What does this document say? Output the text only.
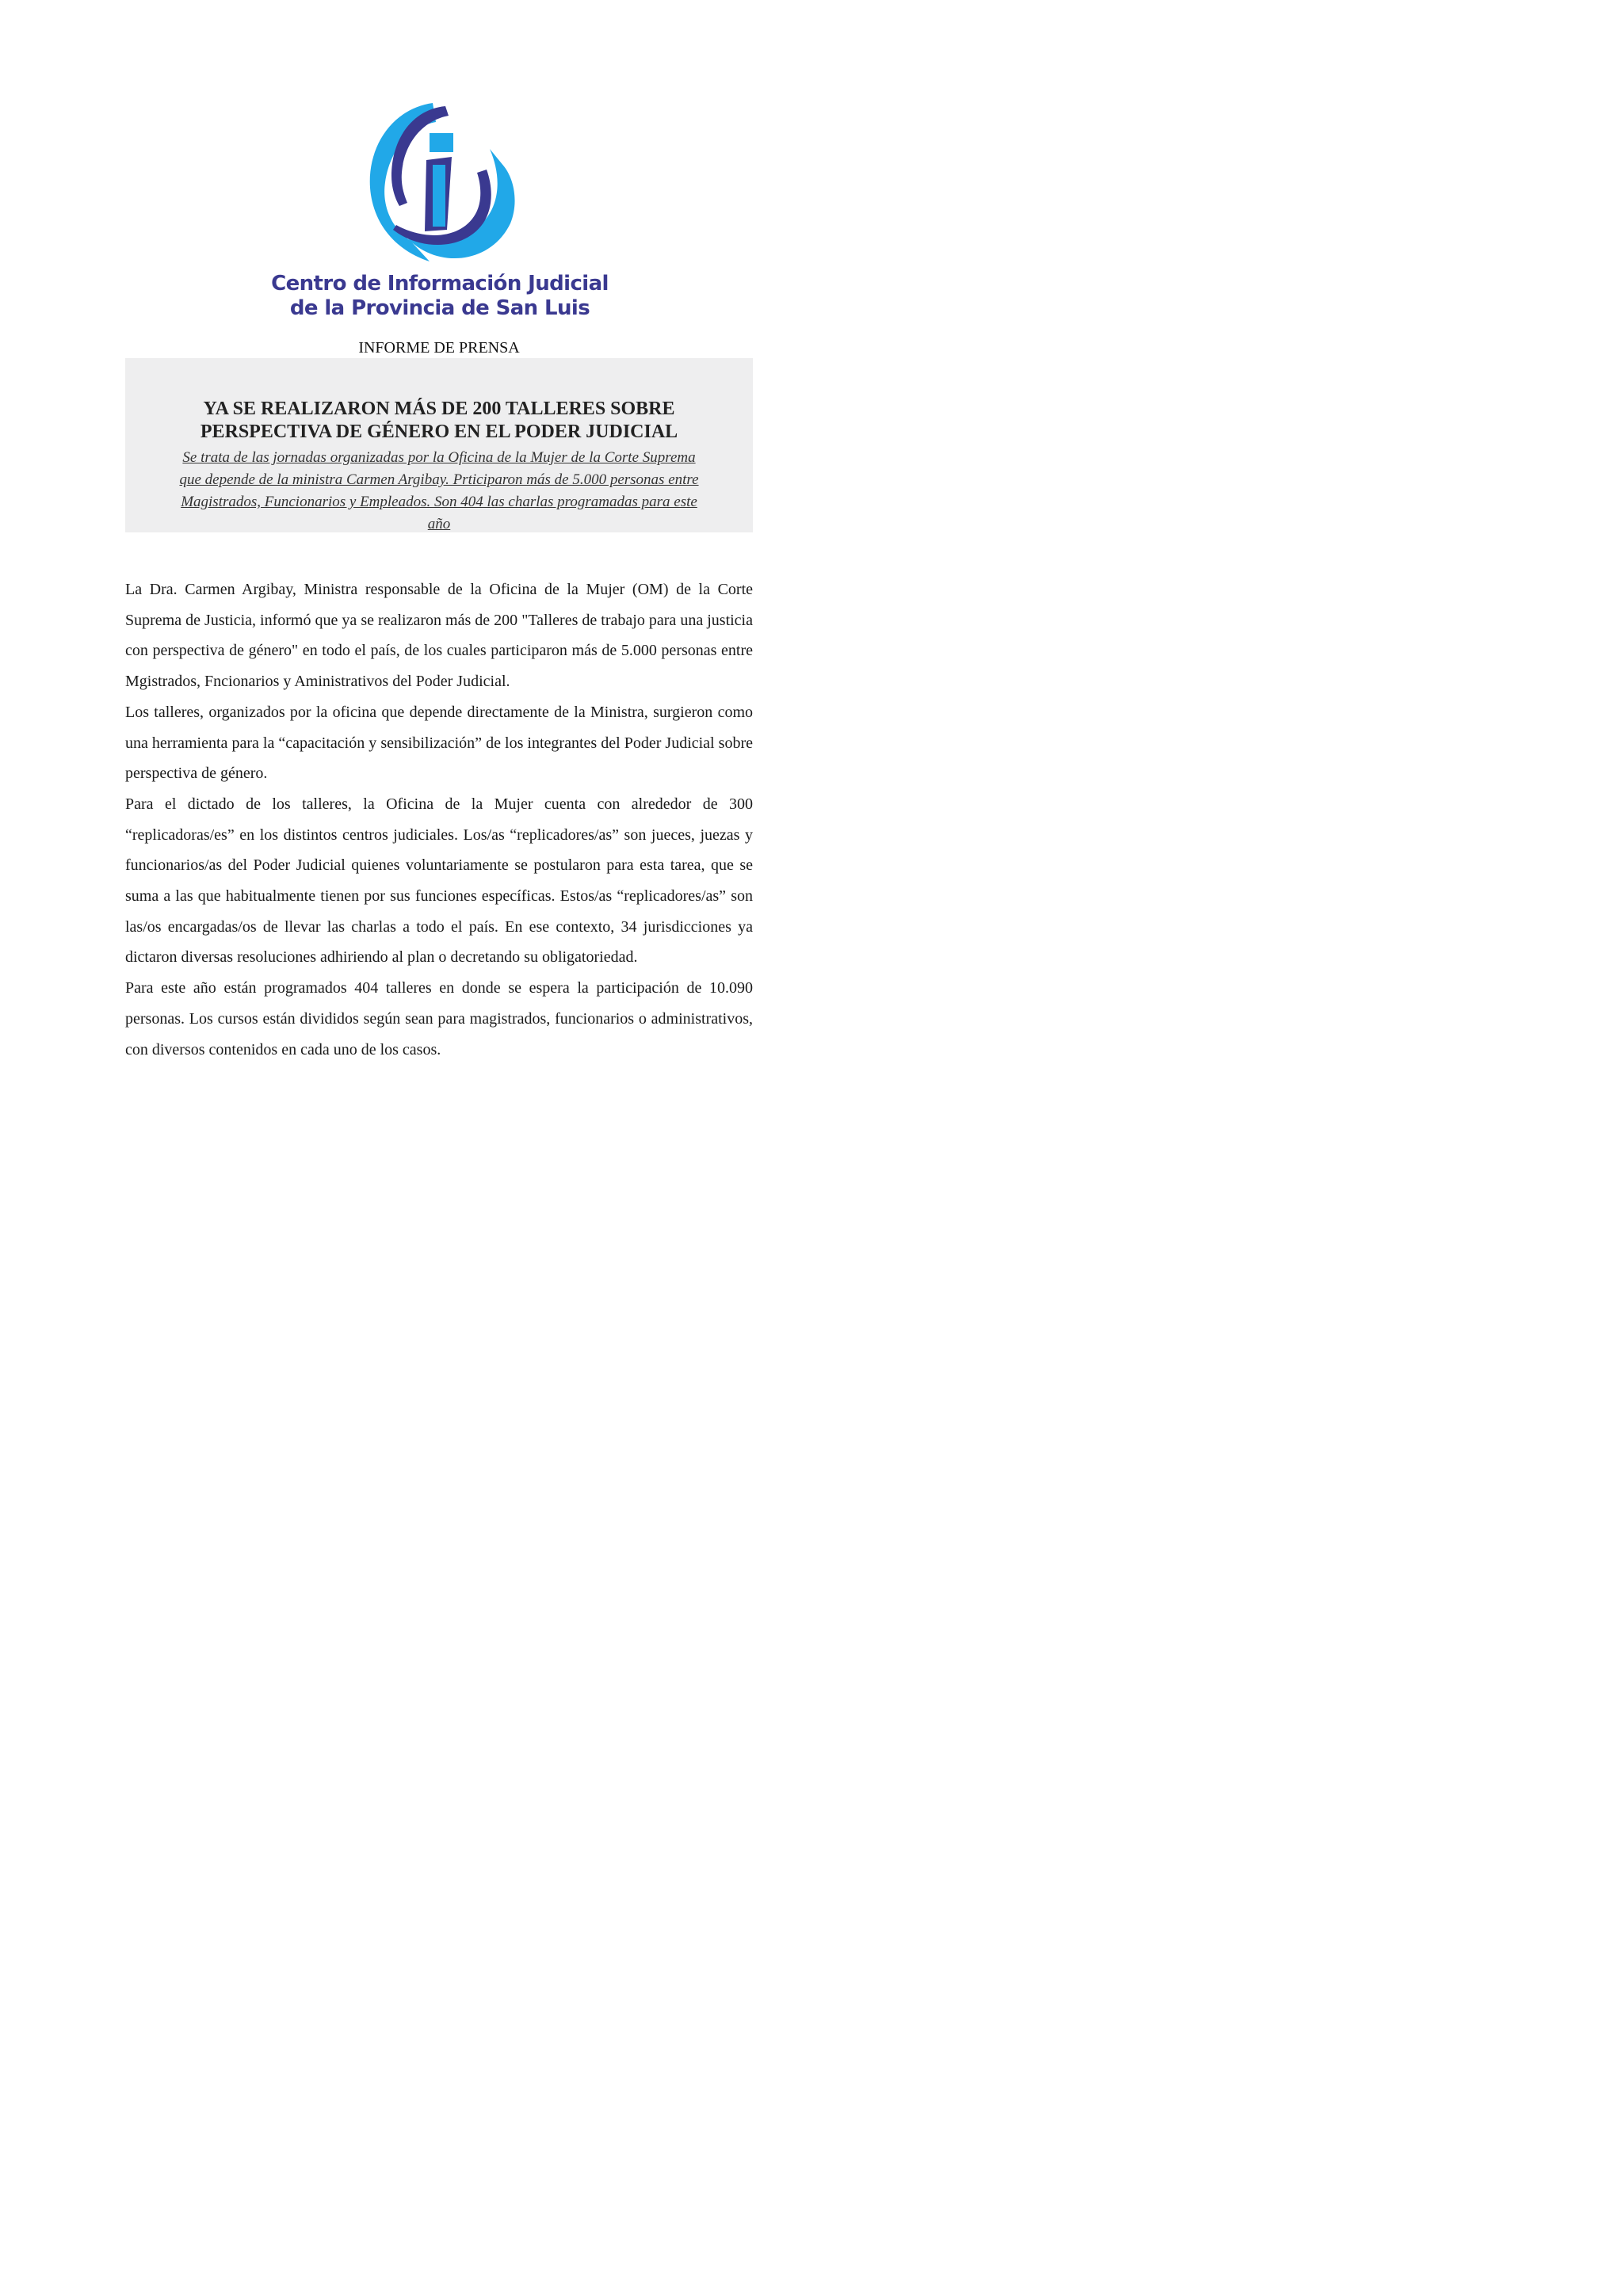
Centro de Información Judicial
de la Provincia de San Luis
INFORME DE PRENSA
YA SE REALIZARON MÁS DE 200 TALLERES SOBRE
PERSPECTIVA DE GÉNERO EN EL PODER JUDICIAL
Se trata de las jornadas organizadas por la Oficina de la Mujer de la Corte Suprema
que depende de la ministra Carmen Argibay. Prticiparon más de 5.000 personas entre
Magistrados, Funcionarios y Empleados. Son 404 las charlas programadas para este
año

La Dra. Carmen Argibay, Ministra responsable de la Oficina de la Mujer (OM) de la Corte Suprema de Justicia, informó que ya se realizaron más de 200 "Talleres de trabajo para una justicia con perspectiva de género" en todo el país, de los cuales participaron más de 5.000 personas entre Mgistrados, Fncionarios y Aministrativos del Poder Judicial.

Los talleres, organizados por la oficina que depende directamente de la Ministra, surgieron como una herramienta para la “capacitación y sensibilización” de los integrantes del Poder Judicial sobre perspectiva de género.

Para el dictado de los talleres, la Oficina de la Mujer cuenta con alrededor de 300 “replicadoras/es” en los distintos centros judiciales. Los/as “replicadores/as” son jueces, juezas y funcionarios/as del Poder Judicial quienes voluntariamente se postularon para esta tarea, que se suma a las que habitualmente tienen por sus funciones específicas. Estos/as “replicadores/as” son las/os encargadas/os de llevar las charlas a todo el país. En ese contexto, 34 jurisdicciones ya dictaron diversas resoluciones adhiriendo al plan o decretando su obligatoriedad.

Para este año están programados 404 talleres en donde se espera la participación de 10.090 personas. Los cursos están divididos según sean para magistrados, funcionarios o administrativos, con diversos contenidos en cada uno de los casos.
